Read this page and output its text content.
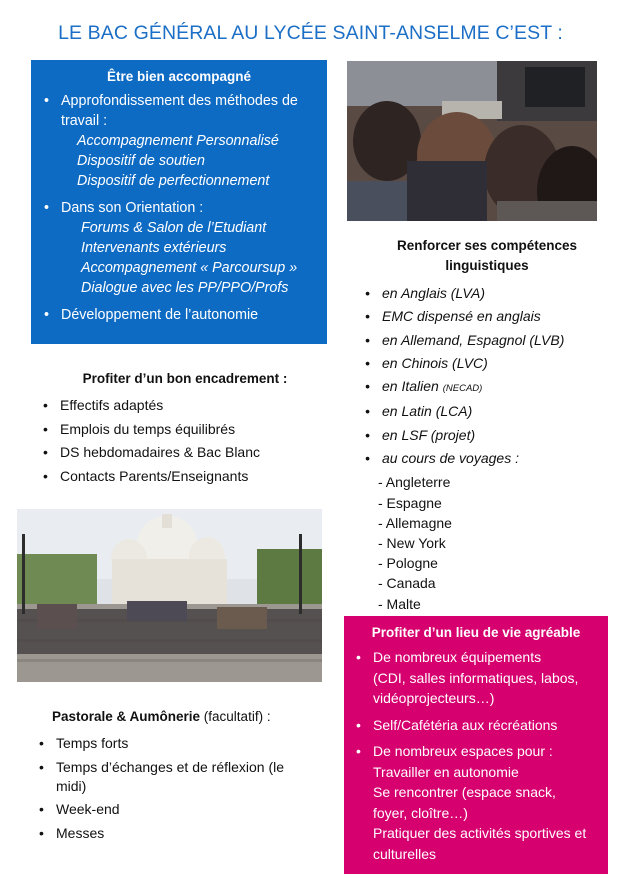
LE BAC GÉNÉRAL AU LYCÉE SAINT-ANSELME C’EST :
Être bien accompagné
• Approfondissement des méthodes de travail :
Accompagnement Personnalisé
Dispositif de soutien
Dispositif de perfectionnement
• Dans son Orientation :
Forums & Salon de l’Etudiant
Intervenants extérieurs
Accompagnement « Parcoursup »
Dialogue avec les PP/PPO/Profs
• Développement de l’autonomie
Profiter d’un bon encadrement :
• Effectifs adaptés
• Emplois du temps équilibrés
• DS hebdomadaires & Bac Blanc
• Contacts Parents/Enseignants
Renforcer ses compétences
linguistiques
• en Anglais (LVA)
• EMC dispensé en anglais
• en Allemand, Espagnol (LVB)
• en Chinois (LVC)
• en Italien (NECAD)
• en Latin (LCA)
• en LSF (projet)
• au cours de voyages :
- Angleterre
- Espagne
- Allemagne
- New York
- Pologne
- Canada
- Malte
Pastorale & Aumônerie (facultatif) :
• Temps forts
• Temps d’échanges et de réflexion (le midi)
• Week-end
• Messes
Profiter d’un lieu de vie agréable
• De nombreux équipements
(CDI, salles informatiques, labos,
vidéoprojecteurs…)
• Self/Cafétéria aux récréations
• De nombreux espaces pour :
Travailler en autonomie
Se rencontrer (espace snack,
foyer, cloître…)
Pratiquer des activités sportives et
culturelles
